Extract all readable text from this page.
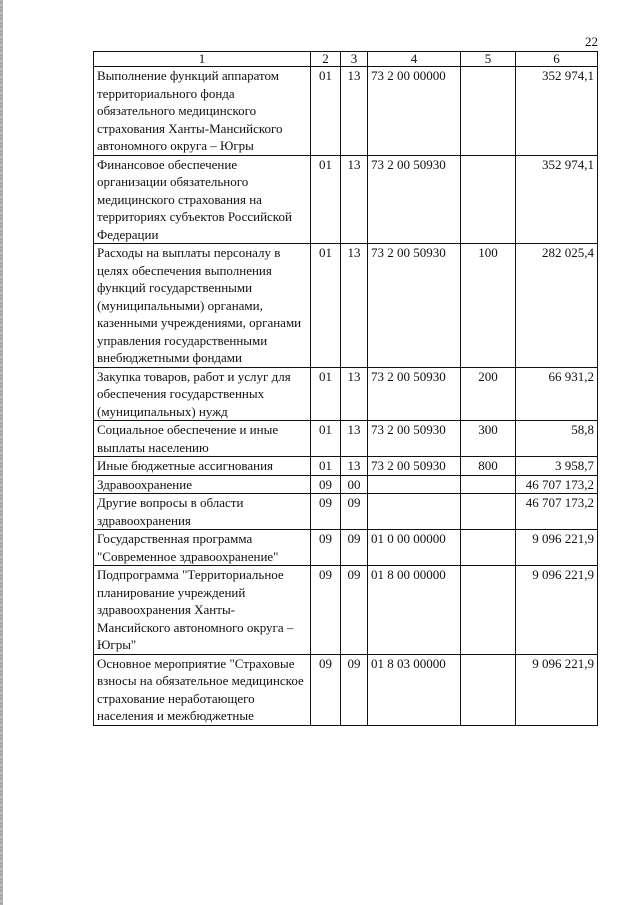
22
1	2	3	4	5	6
Выполнение функций аппаратом территориального фонда обязательного медицинского страхования Ханты-Мансийского автономного округа – Югры	01	13	73 2 00 00000		352 974,1
Финансовое обеспечение организации обязательного медицинского страхования на территориях субъектов Российской Федерации	01	13	73 2 00 50930		352 974,1
Расходы на выплаты персоналу в целях обеспечения выполнения функций государственными (муниципальными) органами, казенными учреждениями, органами управления государственными внебюджетными фондами	01	13	73 2 00 50930	100	282 025,4
Закупка товаров, работ и услуг для обеспечения государственных (муниципальных) нужд	01	13	73 2 00 50930	200	66 931,2
Социальное обеспечение и иные выплаты населению	01	13	73 2 00 50930	300	58,8
Иные бюджетные ассигнования	01	13	73 2 00 50930	800	3 958,7
Здравоохранение	09	00			46 707 173,2
Другие вопросы в области здравоохранения	09	09			46 707 173,2
Государственная программа "Современное здравоохранение"	09	09	01 0 00 00000		9 096 221,9
Подпрограмма "Территориальное планирование учреждений здравоохранения Ханты-Мансийского автономного округа – Югры"	09	09	01 8 00 00000		9 096 221,9
Основное мероприятие "Страховые взносы на обязательное медицинское страхование неработающего населения и межбюджетные	09	09	01 8 03 00000		9 096 221,9
